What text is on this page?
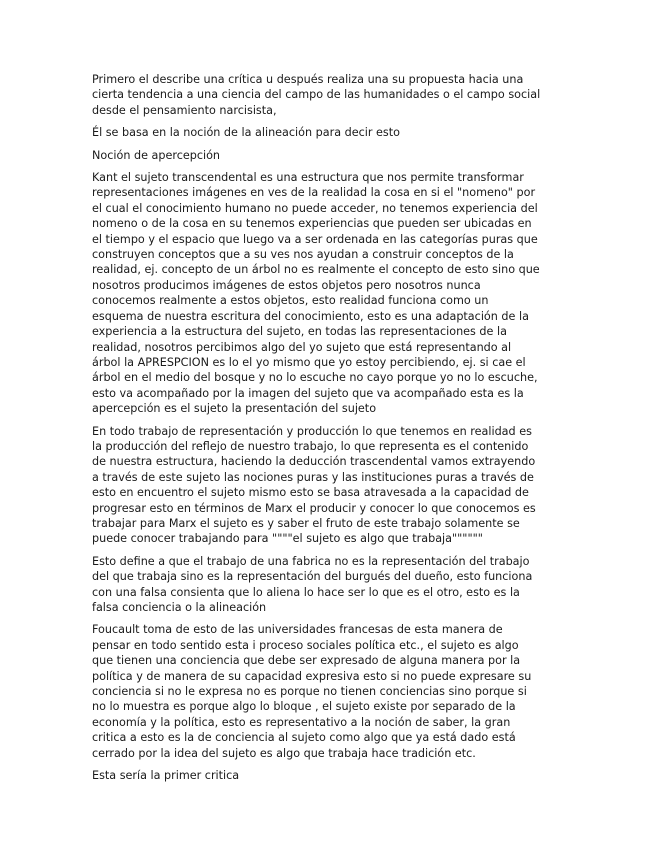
Primero el describe una crítica u después realiza una su propuesta hacia una
cierta tendencia a una ciencia del campo de las humanidades o el campo social
desde el pensamiento narcisista,

Él se basa en la noción de la alineación para decir esto

Noción de apercepción

Kant el sujeto transcendental es una estructura que nos permite transformar
representaciones imágenes en ves de la realidad la cosa en si el "nomeno" por
el cual el conocimiento humano no puede acceder, no tenemos experiencia del
nomeno o de la cosa en su tenemos experiencias que pueden ser ubicadas en
el tiempo y el espacio que luego va a ser ordenada en las categorías puras que
construyen conceptos que a su ves nos ayudan a construir conceptos de la
realidad, ej. concepto de un árbol no es realmente el concepto de esto sino que
nosotros producimos imágenes de estos objetos pero nosotros nunca
conocemos realmente a estos objetos, esto realidad funciona como un
esquema de nuestra escritura del conocimiento, esto es una adaptación de la
experiencia a la estructura del sujeto, en todas las representaciones de la
realidad, nosotros percibimos algo del yo sujeto que está representando al
árbol la APRESPCION es lo el yo mismo que yo estoy percibiendo, ej. si cae el
árbol en el medio del bosque y no lo escuche no cayo porque yo no lo escuche,
esto va acompañado por la imagen del sujeto que va acompañado esta es la
apercepción es el sujeto la presentación del sujeto

En todo trabajo de representación y producción lo que tenemos en realidad es
la producción del reflejo de nuestro trabajo, lo que representa es el contenido
de nuestra estructura, haciendo la deducción trascendental vamos extrayendo
a través de este sujeto las nociones puras y las instituciones puras a través de
esto en encuentro el sujeto mismo esto se basa atravesada a la capacidad de
progresar esto en términos de Marx el producir y conocer lo que conocemos es
trabajar para Marx el sujeto es y saber el fruto de este trabajo solamente se
puede conocer trabajando para """"el sujeto es algo que trabaja""""""

Esto define a que el trabajo de una fabrica no es la representación del trabajo
del que trabaja sino es la representación del burgués del dueño, esto funciona
con una falsa consienta que lo aliena lo hace ser lo que es el otro, esto es la
falsa conciencia o la alineación

Foucault toma de esto de las universidades francesas de esta manera de
pensar en todo sentido esta i proceso sociales política etc., el sujeto es algo
que tienen una conciencia que debe ser expresado de alguna manera por la
política y de manera de su capacidad expresiva esto si no puede expresare su
conciencia si no le expresa no es porque no tienen conciencias sino porque si
no lo muestra es porque algo lo bloque , el sujeto existe por separado de la
economía y la política, esto es representativo a la noción de saber, la gran
critica a esto es la de conciencia al sujeto como algo que ya está dado está
cerrado por la idea del sujeto es algo que trabaja hace tradición etc.

Esta sería la primer critica
